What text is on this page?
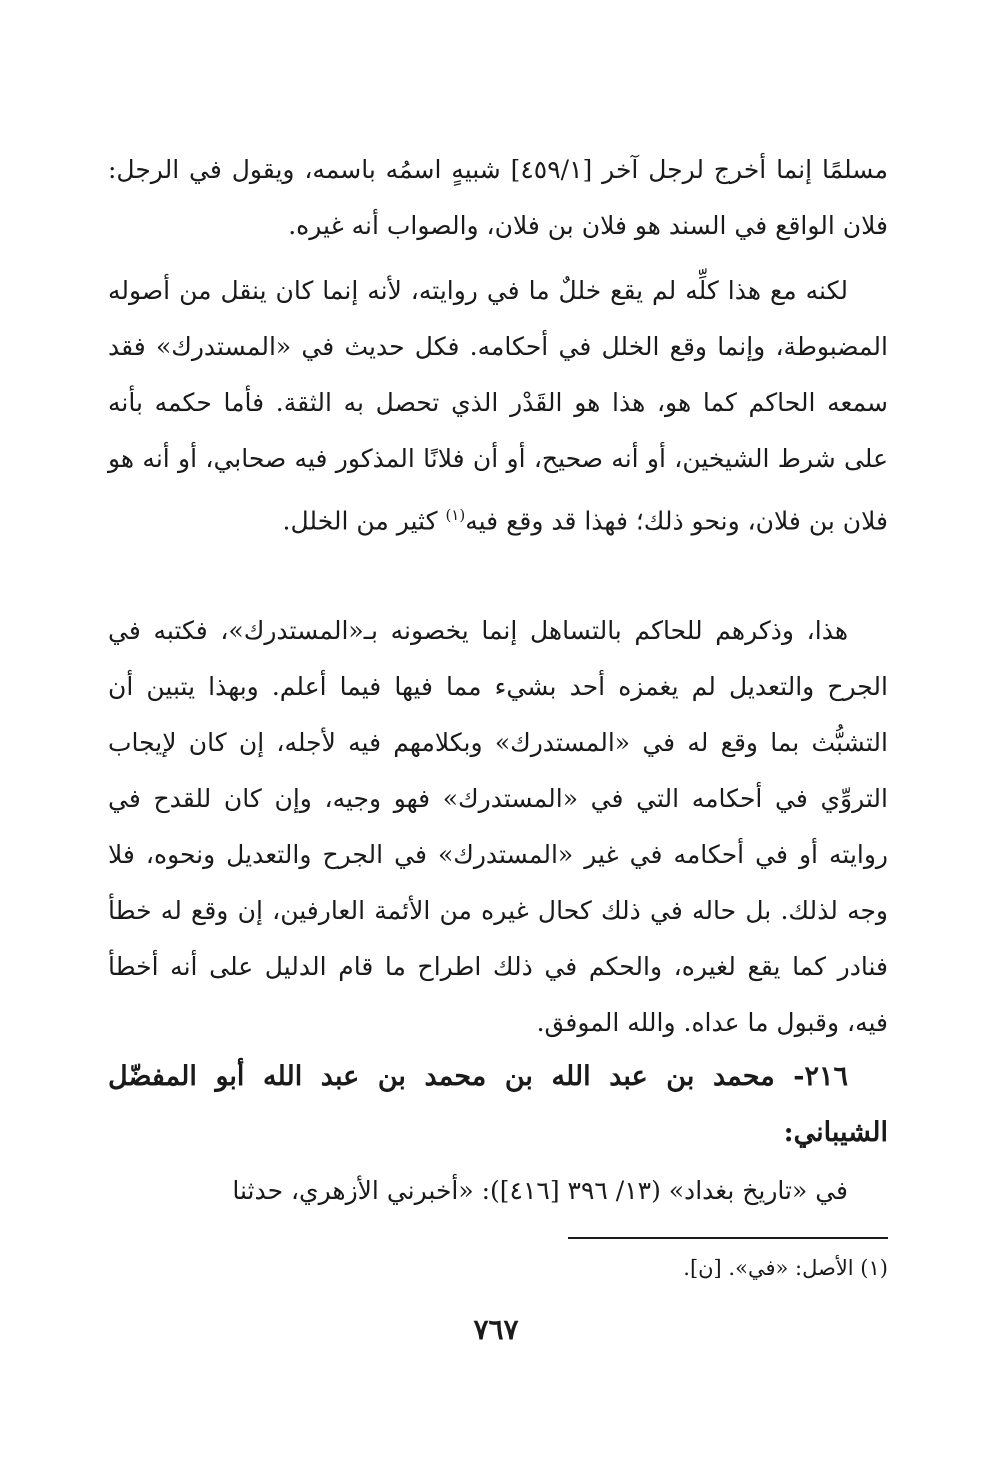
مسلمًا إنما أخرج لرجل آخر [٤٥٩/١] شبيهٍ اسمُه باسمه، ويقول في الرجل: فلان الواقع في السند هو فلان بن فلان، والصواب أنه غيره.

لكنه مع هذا كلِّه لم يقع خللٌ ما في روايته، لأنه إنما كان ينقل من أصوله المضبوطة، وإنما وقع الخلل في أحكامه. فكل حديث في «المستدرك» فقد سمعه الحاكم كما هو، هذا هو القَدْر الذي تحصل به الثقة. فأما حكمه بأنه على شرط الشيخين، أو أنه صحيح، أو أن فلانًا المذكور فيه صحابي، أو أنه هو فلان بن فلان، ونحو ذلك؛ فهذا قد وقع فيه$^{(١)}$ كثير من الخلل.

هذا، وذكرهم للحاكم بالتساهل إنما يخصونه بـ«المستدرك»، فكتبه في الجرح والتعديل لم يغمزه أحد بشيء مما فيها فيما أعلم. وبهذا يتبين أن التشبُّث بما وقع له في «المستدرك» وبكلامهم فيه لأجله، إن كان لإيجاب التروِّي في أحكامه التي في «المستدرك» فهو وجيه، وإن كان للقدح في روايته أو في أحكامه في غير «المستدرك» في الجرح والتعديل ونحوه، فلا وجه لذلك. بل حاله في ذلك كحال غيره من الأئمة العارفين، إن وقع له خطأ فنادر كما يقع لغيره، والحكم في ذلك اطراح ما قام الدليل على أنه أخطأ فيه، وقبول ما عداه. والله الموفق.

٢١٦- محمد بن عبد الله بن محمد بن عبد الله أبو المفضّل الشيباني:

في «تاريخ بغداد» (١٣/ ٣٩٦ [٤١٦]): «أخبرني الأزهري، حدثنا

(١) الأصل: «في». [ن].
٧٦٧
